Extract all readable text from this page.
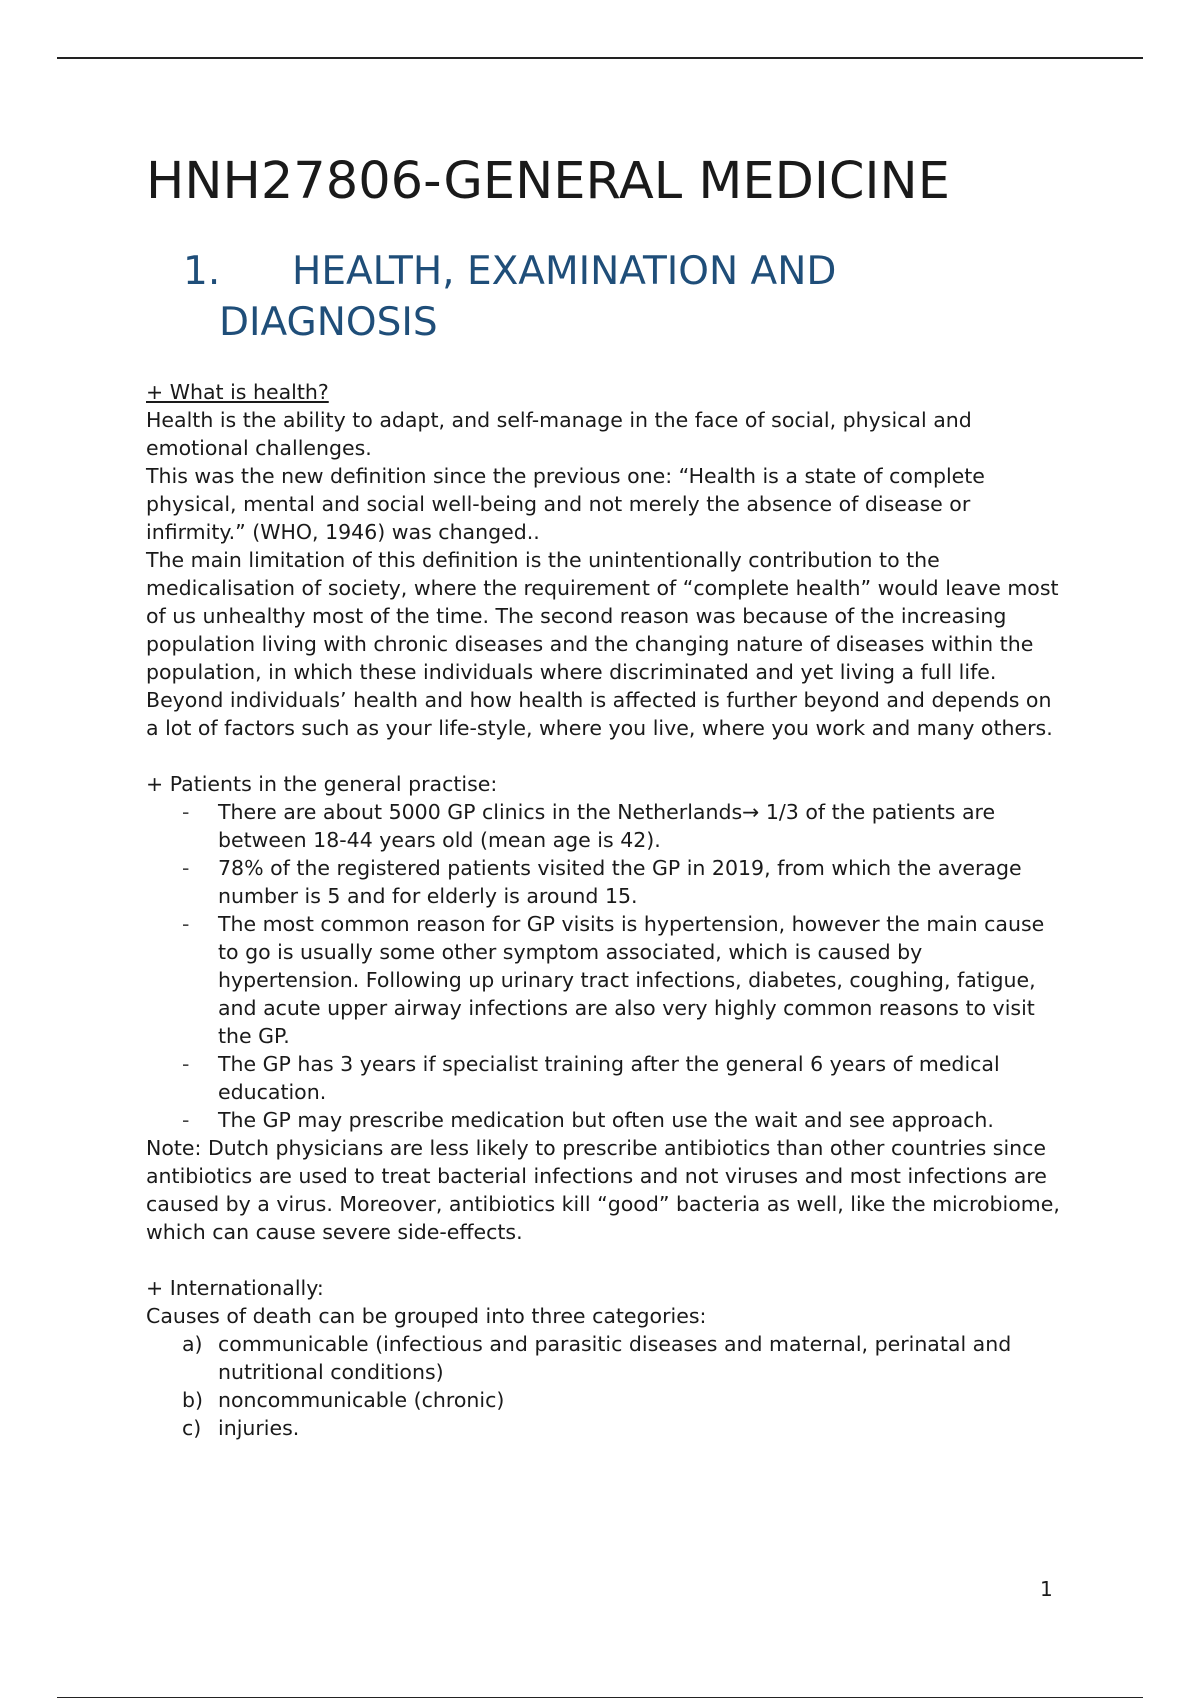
HNH27806-GENERAL MEDICINE
1. HEALTH, EXAMINATION AND DIAGNOSIS

+ What is health?

Health is the ability to adapt, and self-manage in the face of social, physical and emotional challenges.

This was the new definition since the previous one: “Health is a state of complete physical, mental and social well-being and not merely the absence of disease or infirmity.” (WHO, 1946) was changed..

The main limitation of this definition is the unintentionally contribution to the medicalisation of society, where the requirement of “complete health” would leave most of us unhealthy most of the time. The second reason was because of the increasing population living with chronic diseases and the changing nature of diseases within the population, in which these individuals where discriminated and yet living a full life.

Beyond individuals’ health and how health is affected is further beyond and depends on a lot of factors such as your life-style, where you live, where you work and many others.

+ Patients in the general practise:

- There are about 5000 GP clinics in the Netherlands→ 1/3 of the patients are between 18-44 years old (mean age is 42).
- 78% of the registered patients visited the GP in 2019, from which the average number is 5 and for elderly is around 15.
- The most common reason for GP visits is hypertension, however the main cause to go is usually some other symptom associated, which is caused by hypertension. Following up urinary tract infections, diabetes, coughing, fatigue, and acute upper airway infections are also very highly common reasons to visit the GP.
- The GP has 3 years if specialist training after the general 6 years of medical education.
- The GP may prescribe medication but often use the wait and see approach.

Note: Dutch physicians are less likely to prescribe antibiotics than other countries since antibiotics are used to treat bacterial infections and not viruses and most infections are caused by a virus. Moreover, antibiotics kill “good” bacteria as well, like the microbiome, which can cause severe side-effects.

+ Internationally:

Causes of death can be grouped into three categories:

a) communicable (infectious and parasitic diseases and maternal, perinatal and nutritional conditions)
b) noncommunicable (chronic)
c) injuries.
1
